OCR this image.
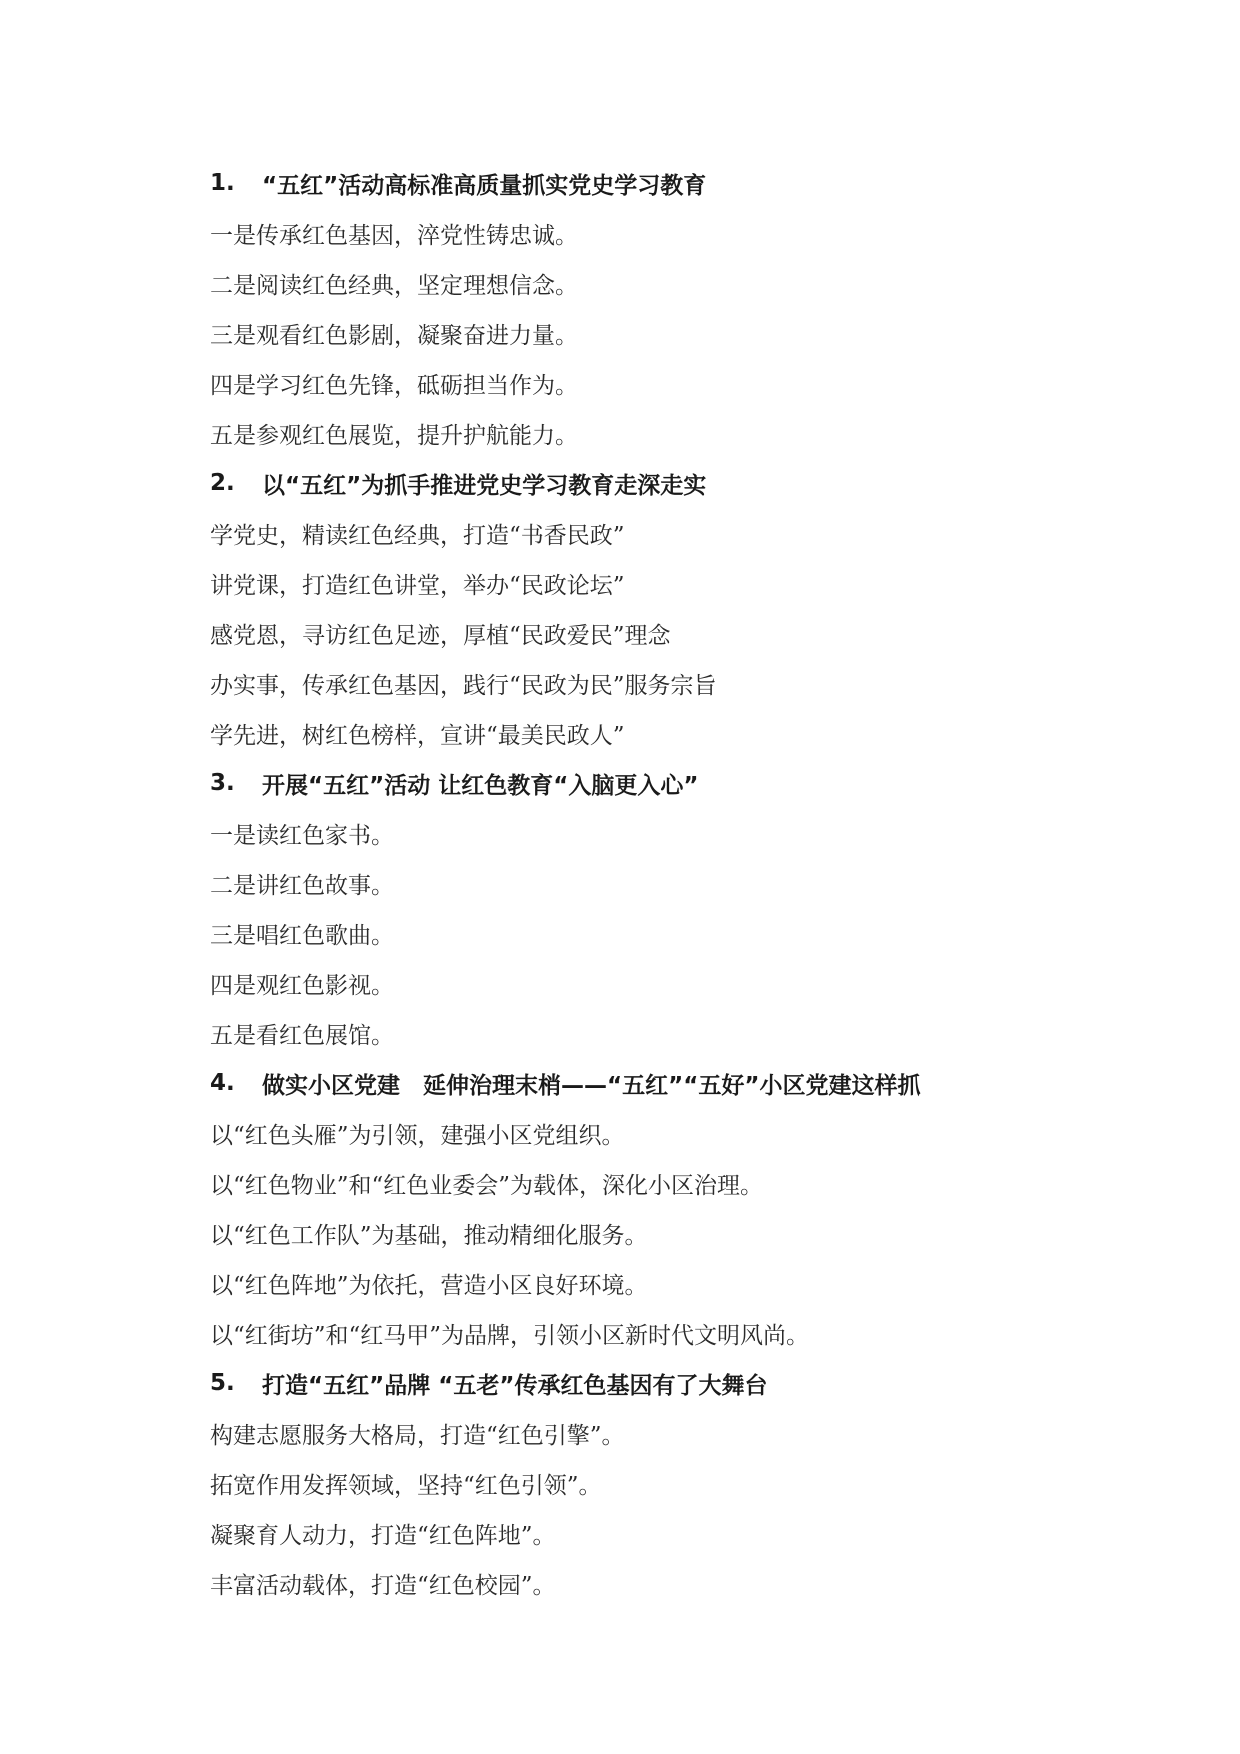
1.	“五红”活动高标准高质量抓实党史学习教育
一是传承红色基因，淬党性铸忠诚。
二是阅读红色经典，坚定理想信念。
三是观看红色影剧，凝聚奋进力量。
四是学习红色先锋，砥砺担当作为。
五是参观红色展览，提升护航能力。
2.	以“五红”为抓手推进党史学习教育走深走实
学党史，精读红色经典，打造“书香民政”
讲党课，打造红色讲堂，举办“民政论坛”
感党恩，寻访红色足迹，厚植“民政爱民”理念
办实事，传承红色基因，践行“民政为民”服务宗旨
学先进，树红色榜样，宣讲“最美民政人”
3.	开展“五红”活动 让红色教育“入脑更入心”
一是读红色家书。
二是讲红色故事。
三是唱红色歌曲。
四是观红色影视。
五是看红色展馆。
4.	做实小区党建　延伸治理末梢——“五红”“五好”小区党建这样抓
以“红色头雁”为引领，建强小区党组织。
以“红色物业”和“红色业委会”为载体，深化小区治理。
以“红色工作队”为基础，推动精细化服务。
以“红色阵地”为依托，营造小区良好环境。
以“红街坊”和“红马甲”为品牌，引领小区新时代文明风尚。
5.	打造“五红”品牌 “五老”传承红色基因有了大舞台
构建志愿服务大格局，打造“红色引擎”。
拓宽作用发挥领域，坚持“红色引领”。
凝聚育人动力，打造“红色阵地”。
丰富活动载体，打造“红色校园”。
